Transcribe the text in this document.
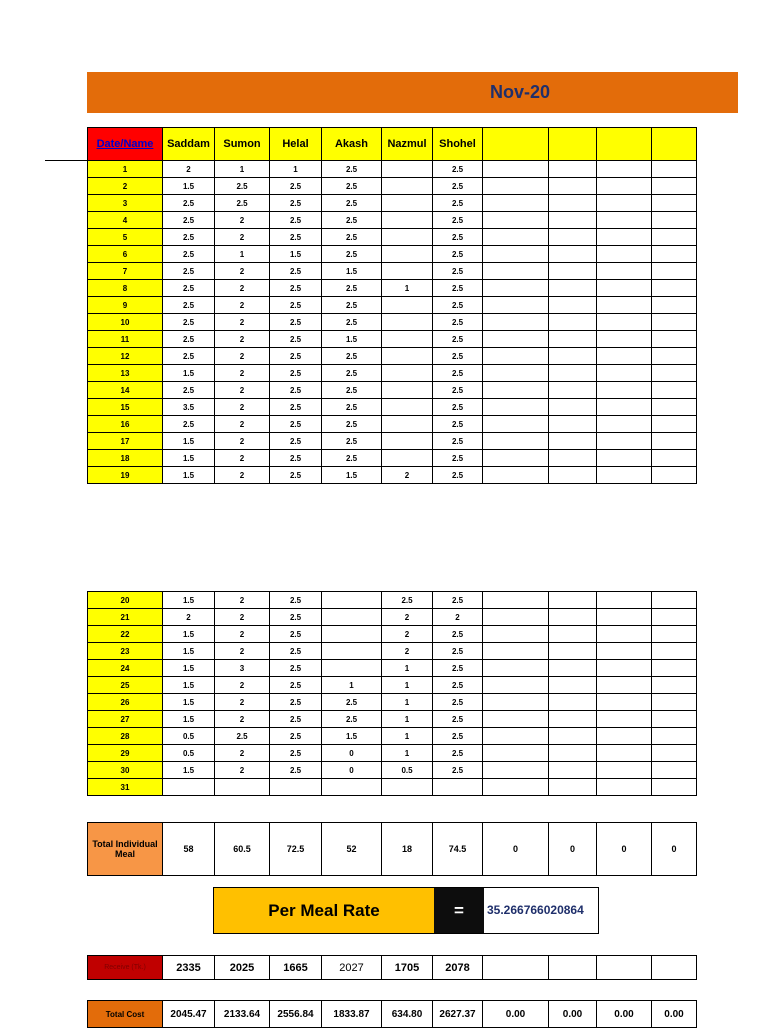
Nov-20
Date/Name	Saddam	Sumon	Helal	Akash	Nazmul	Shohel				
1	2	1	1	2.5		2.5				
2	1.5	2.5	2.5	2.5		2.5				
3	2.5	2.5	2.5	2.5		2.5				
4	2.5	2	2.5	2.5		2.5				
5	2.5	2	2.5	2.5		2.5				
6	2.5	1	1.5	2.5		2.5				
7	2.5	2	2.5	1.5		2.5				
8	2.5	2	2.5	2.5	1	2.5				
9	2.5	2	2.5	2.5		2.5				
10	2.5	2	2.5	2.5		2.5				
11	2.5	2	2.5	1.5		2.5				
12	2.5	2	2.5	2.5		2.5				
13	1.5	2	2.5	2.5		2.5				
14	2.5	2	2.5	2.5		2.5				
15	3.5	2	2.5	2.5		2.5				
16	2.5	2	2.5	2.5		2.5				
17	1.5	2	2.5	2.5		2.5				
18	1.5	2	2.5	2.5		2.5				
19	1.5	2	2.5	1.5	2	2.5				
20	1.5	2	2.5		2.5	2.5				
21	2	2	2.5		2	2				
22	1.5	2	2.5		2	2.5				
23	1.5	2	2.5		2	2.5				
24	1.5	3	2.5		1	2.5				
25	1.5	2	2.5	1	1	2.5				
26	1.5	2	2.5	2.5	1	2.5				
27	1.5	2	2.5	2.5	1	2.5				
28	0.5	2.5	2.5	1.5	1	2.5				
29	0.5	2	2.5	0	1	2.5				
30	1.5	2	2.5	0	0.5	2.5				
31										
Total Individual Meal	58	60.5	72.5	52	18	74.5	0	0	0	0
Per Meal Rate	=	35.266766020864
Receive (Tk.)	2335	2025	1665	2027	1705	2078				
Total Cost	2045.47	2133.64	2556.84	1833.87	634.80	2627.37	0.00	0.00	0.00	0.00
